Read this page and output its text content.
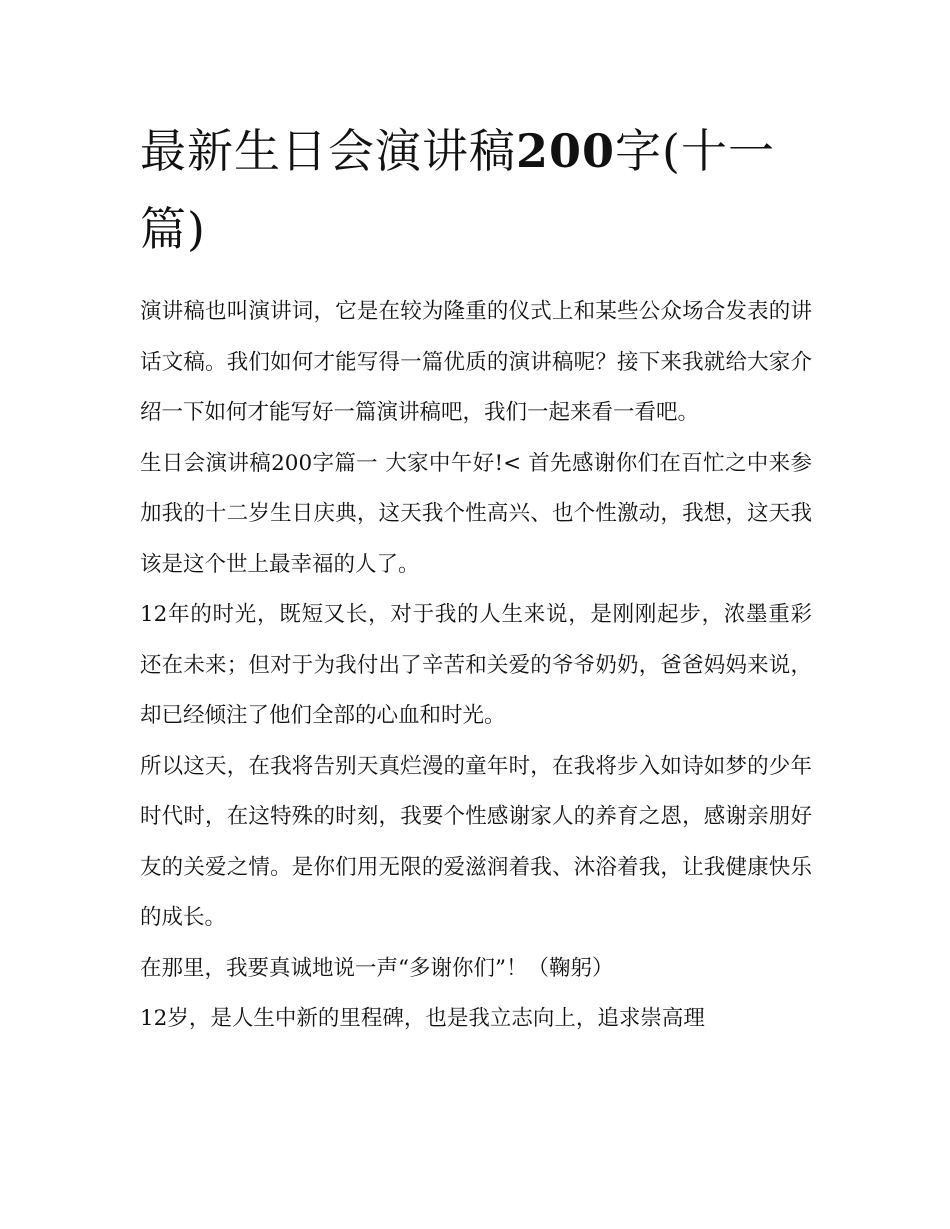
最新生日会演讲稿200字(十一篇)

演讲稿也叫演讲词，它是在较为隆重的仪式上和某些公众场合发表的讲话文稿。我们如何才能写得一篇优质的演讲稿呢？接下来我就给大家介绍一下如何才能写好一篇演讲稿吧，我们一起来看一看吧。

生日会演讲稿200字篇一 大家中午好!< 首先感谢你们在百忙之中来参加我的十二岁生日庆典，这天我个性高兴、也个性激动，我想，这天我该是这个世上最幸福的人了。

12年的时光，既短又长，对于我的人生来说，是刚刚起步，浓墨重彩还在未来；但对于为我付出了辛苦和关爱的爷爷奶奶，爸爸妈妈来说，却已经倾注了他们全部的心血和时光。

所以这天，在我将告别天真烂漫的童年时，在我将步入如诗如梦的少年时代时，在这特殊的时刻，我要个性感谢家人的养育之恩，感谢亲朋好友的关爱之情。是你们用无限的爱滋润着我、沐浴着我，让我健康快乐的成长。

在那里，我要真诚地说一声“多谢你们”！（鞠躬）

12岁，是人生中新的里程碑，也是我立志向上，追求崇高理
